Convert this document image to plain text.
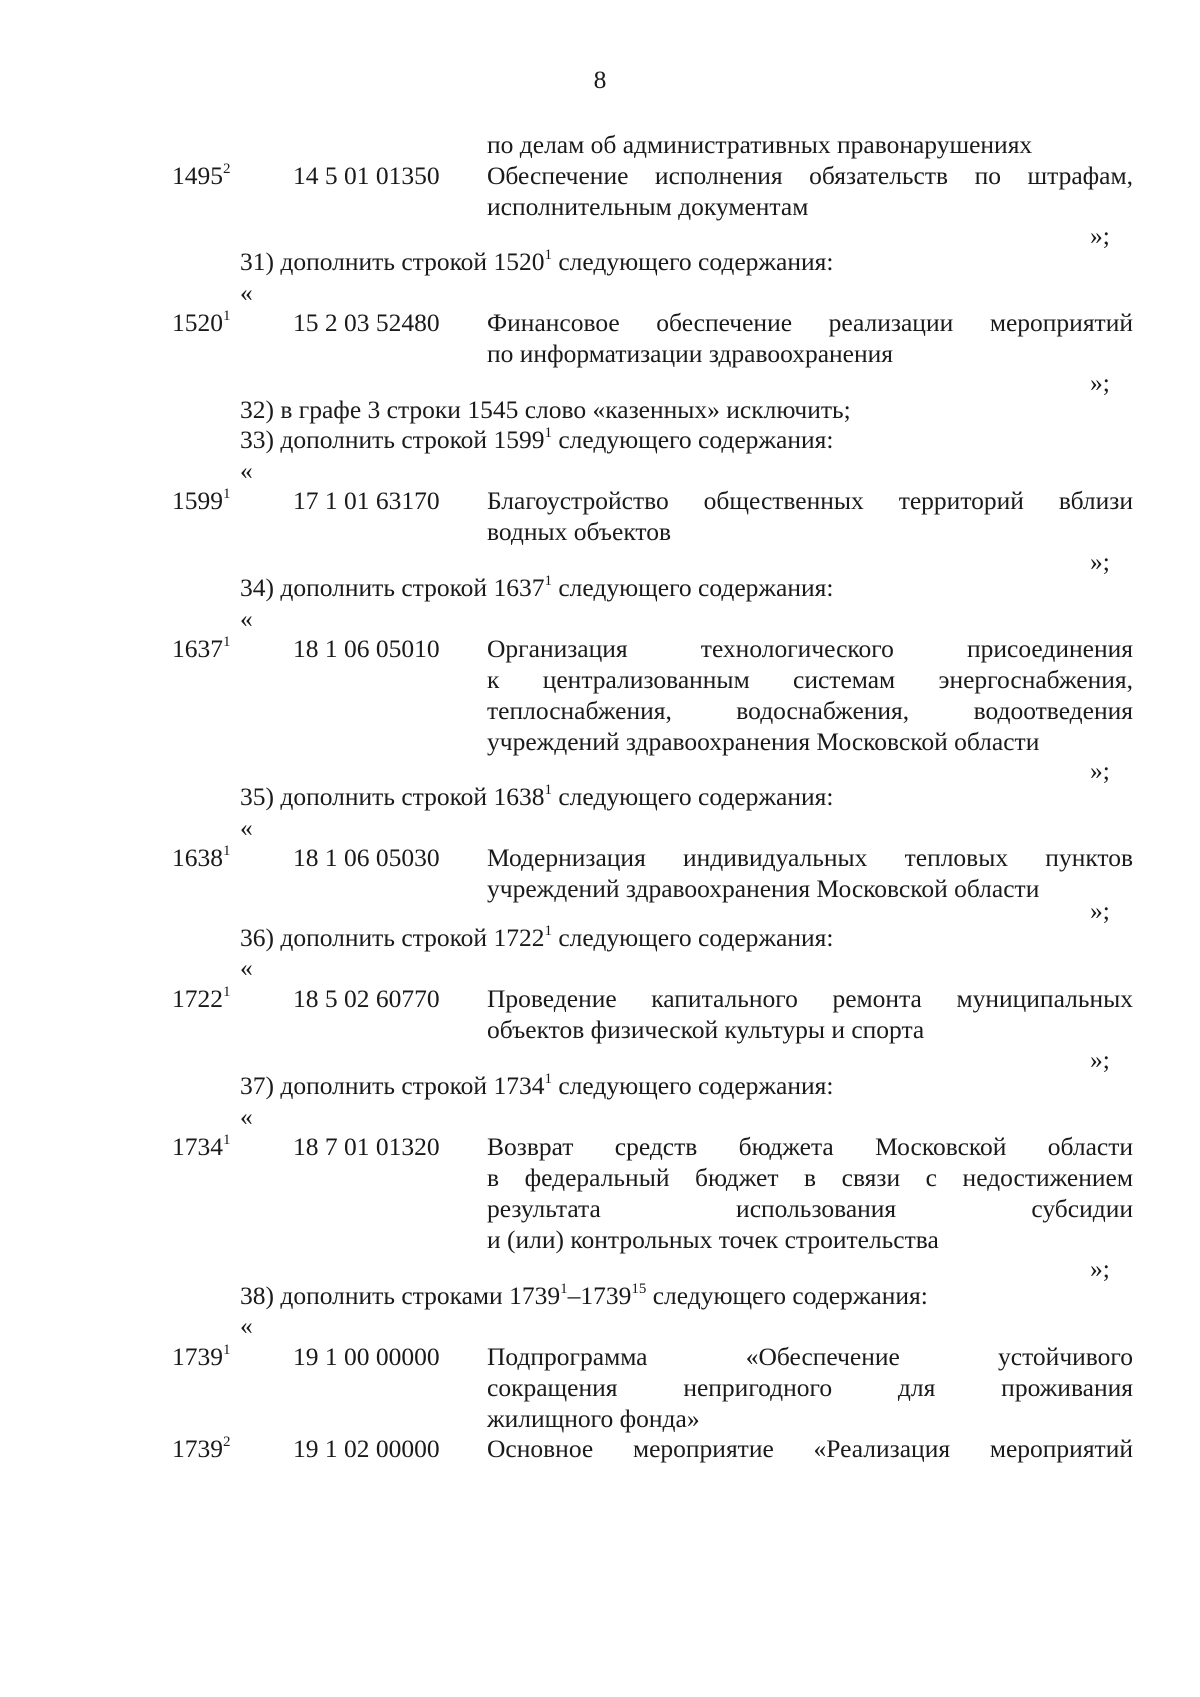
8
по делам об административных правонарушениях
1495$^2$ 14 5 01 01350 Обеспечение исполнения обязательств по штрафам,
исполнительным документам
»;
31) дополнить строкой 1520$^1$ следующего содержания:
«
1520$^1$ 15 2 03 52480 Финансовое обеспечение реализации мероприятий
по информатизации здравоохранения
»;
32) в графе 3 строки 1545 слово «казенных» исключить;
33) дополнить строкой 1599$^1$ следующего содержания:
«
1599$^1$ 17 1 01 63170 Благоустройство общественных территорий вблизи
водных объектов
»;
34) дополнить строкой 1637$^1$ следующего содержания:
«
1637$^1$ 18 1 06 05010 Организация технологического присоединения
к централизованным системам энергоснабжения,
теплоснабжения, водоснабжения, водоотведения
учреждений здравоохранения Московской области
»;
35) дополнить строкой 1638$^1$ следующего содержания:
«
1638$^1$ 18 1 06 05030 Модернизация индивидуальных тепловых пунктов
учреждений здравоохранения Московской области
»;
36) дополнить строкой 1722$^1$ следующего содержания:
«
1722$^1$ 18 5 02 60770 Проведение капитального ремонта муниципальных
объектов физической культуры и спорта
»;
37) дополнить строкой 1734$^1$ следующего содержания:
«
1734$^1$ 18 7 01 01320 Возврат средств бюджета Московской области
в федеральный бюджет в связи с недостижением
результата использования субсидии
и (или) контрольных точек строительства
»;
38) дополнить строками 1739$^1$–1739$^{15}$ следующего содержания:
«
1739$^1$ 19 1 00 00000 Подпрограмма «Обеспечение устойчивого
сокращения непригодного для проживания
жилищного фонда»
1739$^2$ 19 1 02 00000 Основное мероприятие «Реализация мероприятий
